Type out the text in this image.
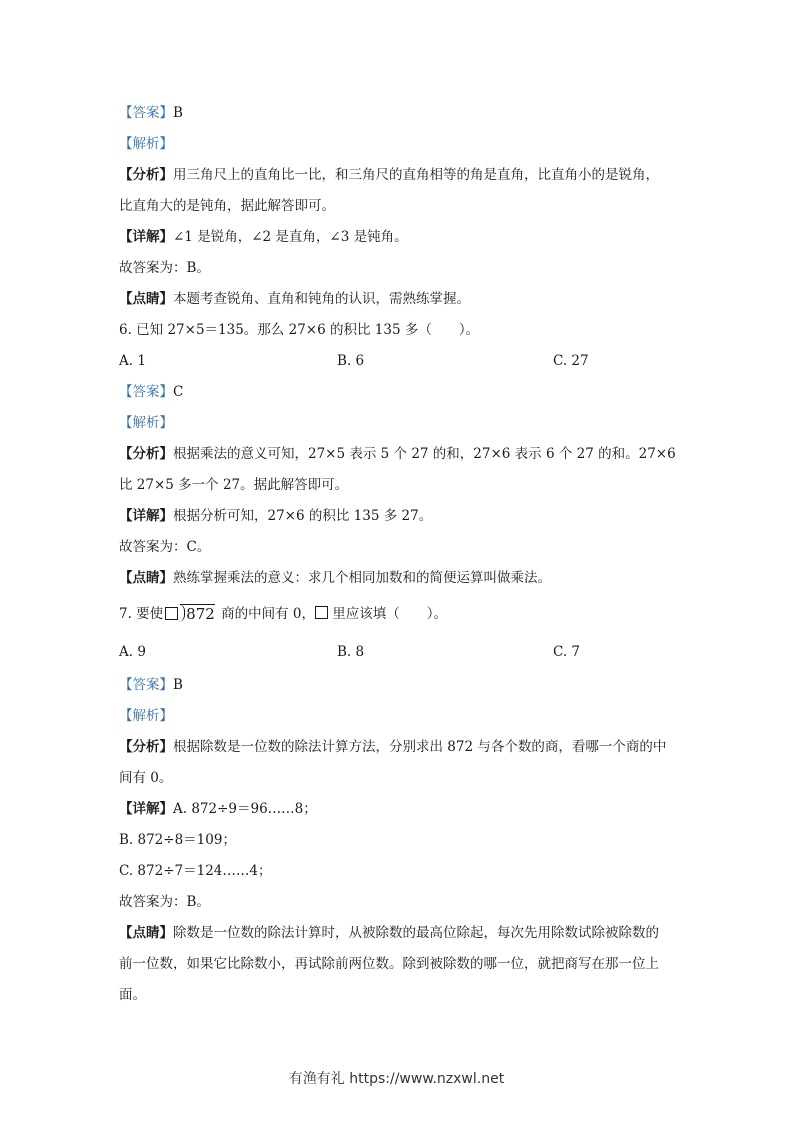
【答案】B
【解析】
【分析】用三角尺上的直角比一比，和三角尺的直角相等的角是直角，比直角小的是锐角，
比直角大的是钝角，据此解答即可。
【详解】∠1 是锐角，∠2 是直角，∠3 是钝角。
故答案为：B。
【点睛】本题考查锐角、直角和钝角的认识，需熟练掌握。
6. 已知 27×5＝135。那么 27×6 的积比 135 多（　　）。
A. 1	B. 6	C. 27
【答案】C
【解析】
【分析】根据乘法的意义可知，27×5 表示 5 个 27 的和，27×6 表示 6 个 27 的和。27×6
比 27×5 多一个 27。据此解答即可。
【详解】根据分析可知，27×6 的积比 135 多 27。
故答案为：C。
【点睛】熟练掌握乘法的意义：求几个相同加数和的简便运算叫做乘法。
7. 要使 872 商的中间有 0， 里应该填（　　）。
A. 9	B. 8	C. 7
【答案】B
【解析】
【分析】根据除数是一位数的除法计算方法，分别求出 872 与各个数的商，看哪一个商的中
间有 0。
【详解】A. 872÷9＝96……8；
B. 872÷8＝109；
C. 872÷7＝124……4；
故答案为：B。
【点睛】除数是一位数的除法计算时，从被除数的最高位除起，每次先用除数试除被除数的
前一位数，如果它比除数小，再试除前两位数。除到被除数的哪一位，就把商写在那一位上
面。
有渔有礼 https://www.nzxwl.net
